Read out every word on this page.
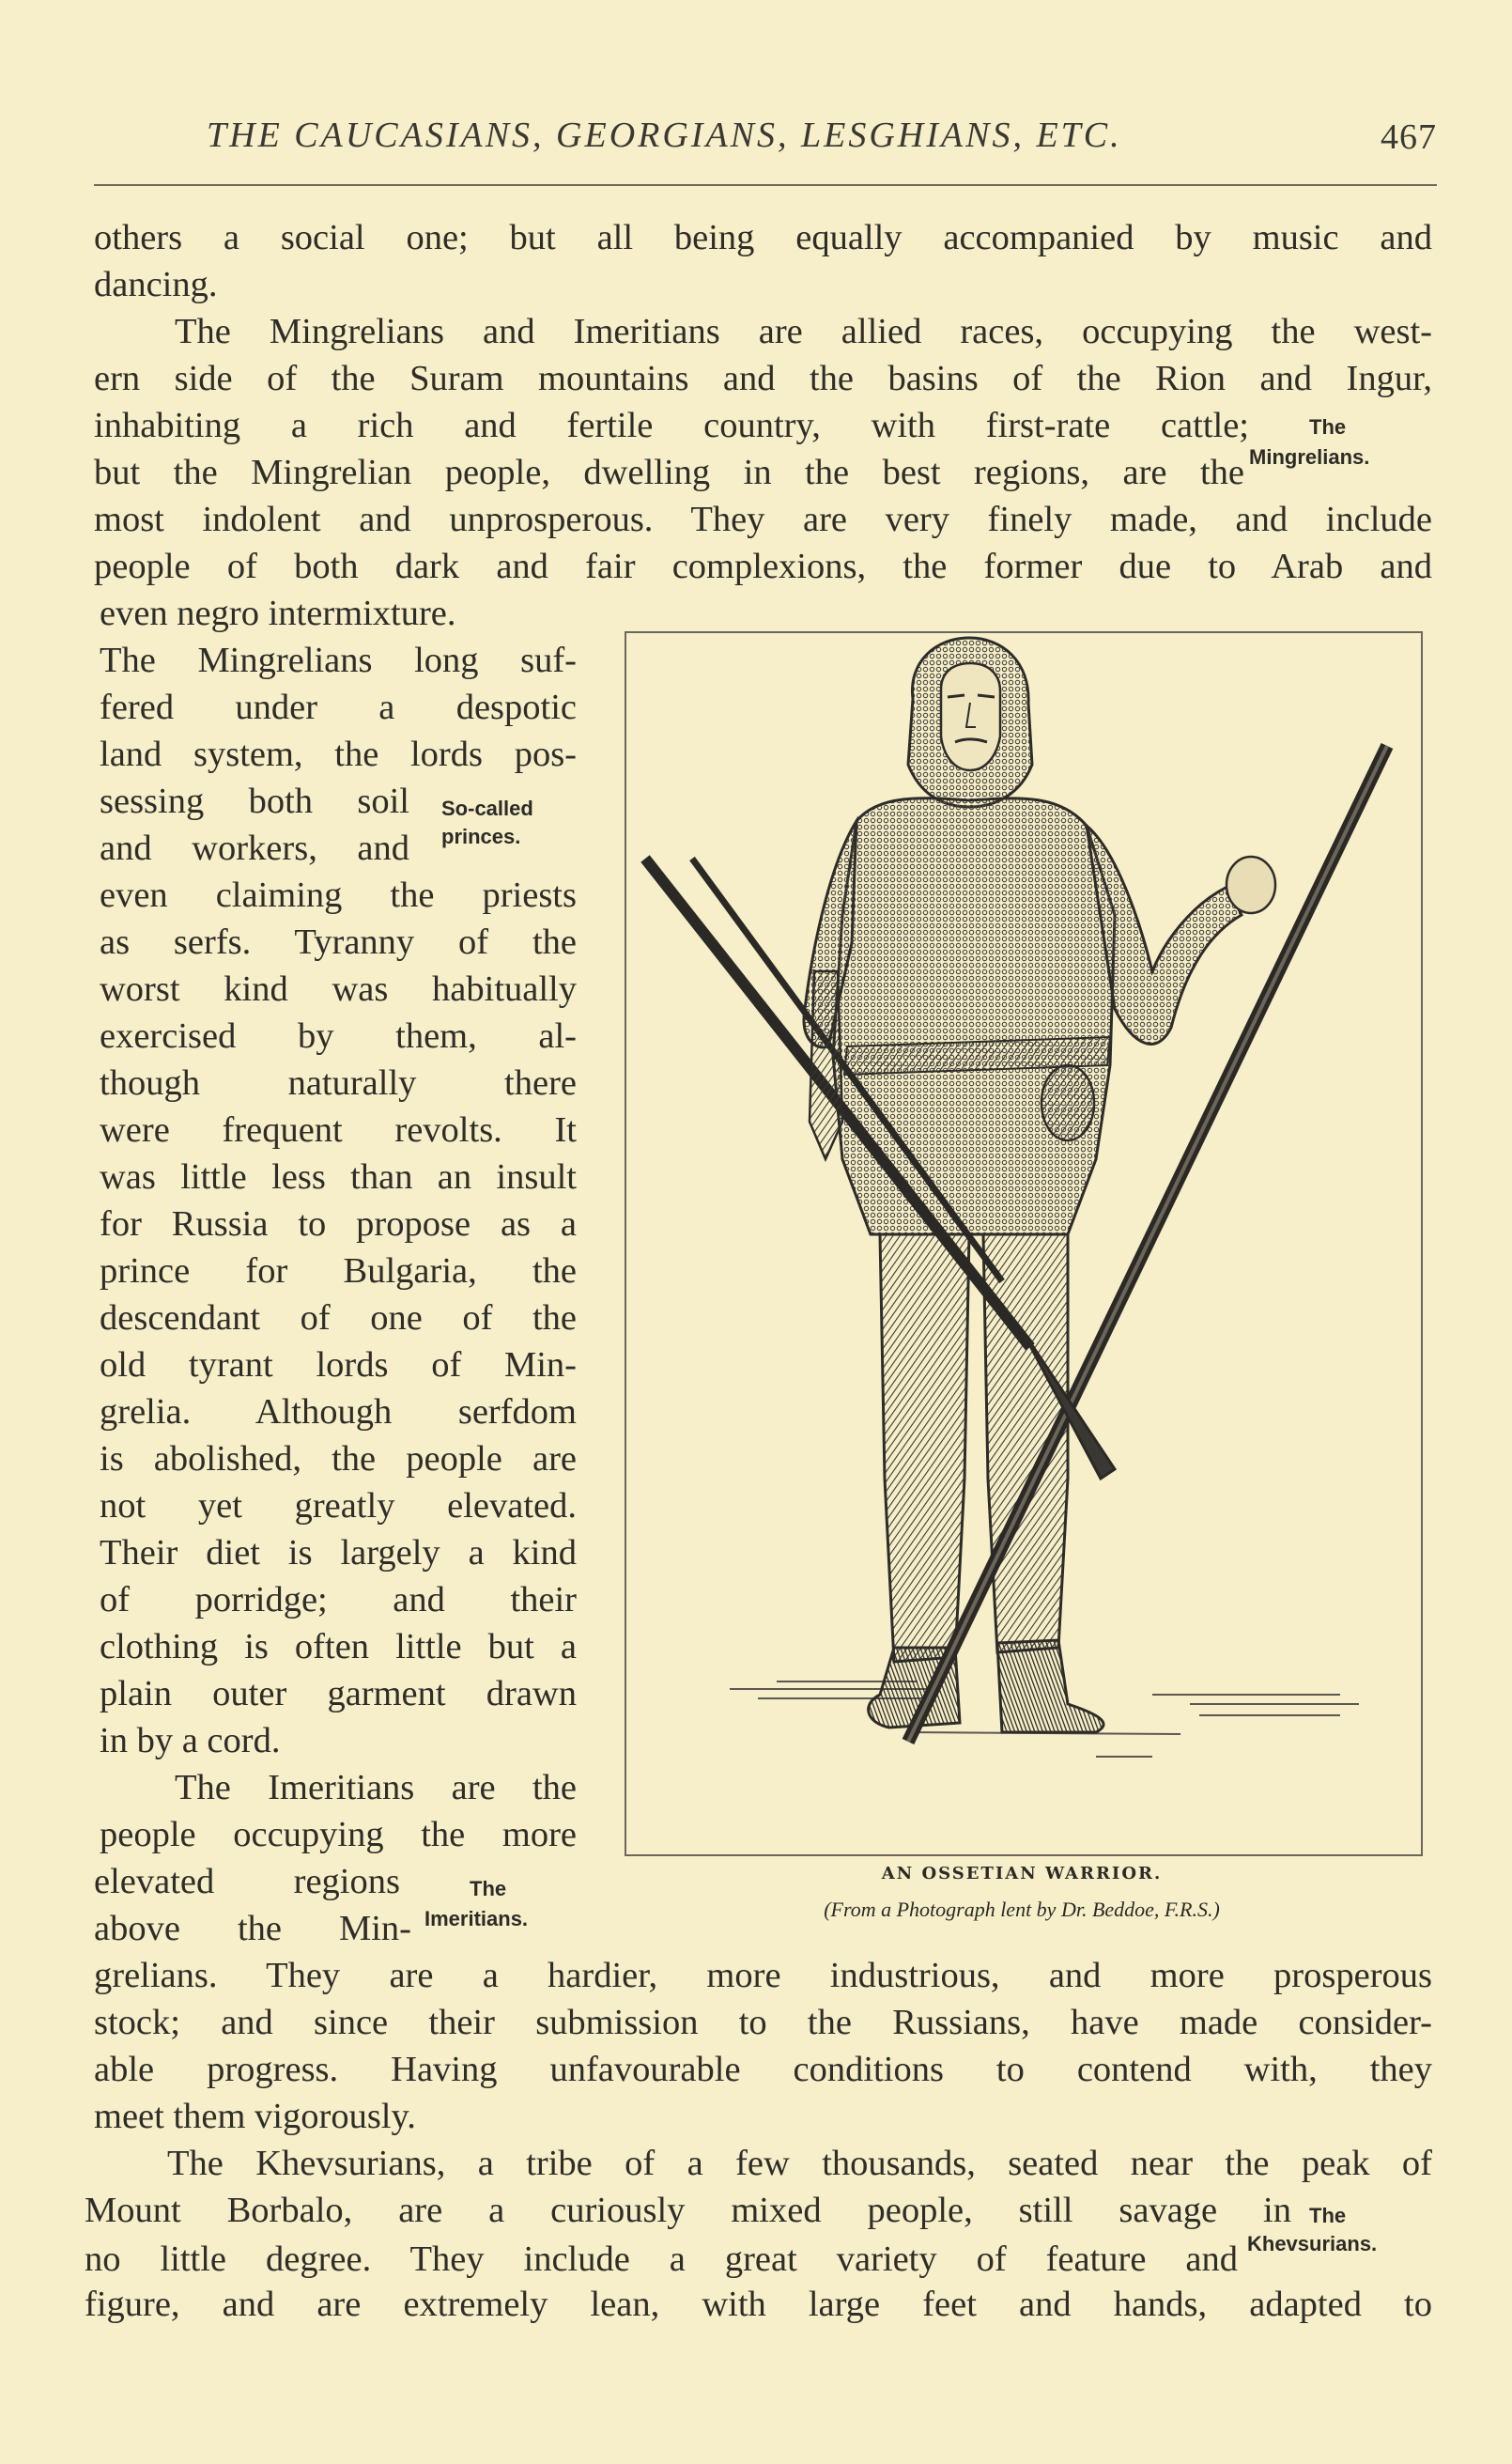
THE CAUCASIANS, GEORGIANS, LESGHIANS, ETC.	467
others a social one; but all being equally accompanied by music and
dancing.
The Mingrelians and Imeritians are allied races, occupying the west-
ern side of the Suram mountains and the basins of the Rion and Ingur,
inhabiting a rich and fertile country, with first-rate cattle;
but the Mingrelian people, dwelling in the best regions, are the
most indolent and unprosperous. They are very finely made, and include
people of both dark and fair complexions, the former due to Arab and
The
Mingrelians.
even negro intermixture.
The Mingrelians long suf-
fered under a despotic
land system, the lords pos-
sessing both soil
and workers, and
So-called
princes.
even claiming the priests
as serfs. Tyranny of the
worst kind was habitually
exercised by them, al-
though naturally there
were frequent revolts. It
was little less than an insult
for Russia to propose as a
prince for Bulgaria, the
descendant of one of the
old tyrant lords of Min-
grelia. Although serfdom
is abolished, the people are
not yet greatly elevated.
Their diet is largely a kind
of porridge; and their
clothing is often little but a
plain outer garment drawn
in by a cord.
The Imeritians are the
people occupying the more
elevated regions
above the Min-
The
Imeritians.
AN OSSETIAN WARRIOR.
(From a Photograph lent by Dr. Beddoe, F.R.S.)
grelians. They are a hardier, more industrious, and more prosperous
stock; and since their submission to the Russians, have made consider-
able progress. Having unfavourable conditions to contend with, they
meet them vigorously.
The Khevsurians, a tribe of a few thousands, seated near the peak of
Mount Borbalo, are a curiously mixed people, still savage in
no little degree. They include a great variety of feature and
figure, and are extremely lean, with large feet and hands, adapted to
The
Khevsurians.
